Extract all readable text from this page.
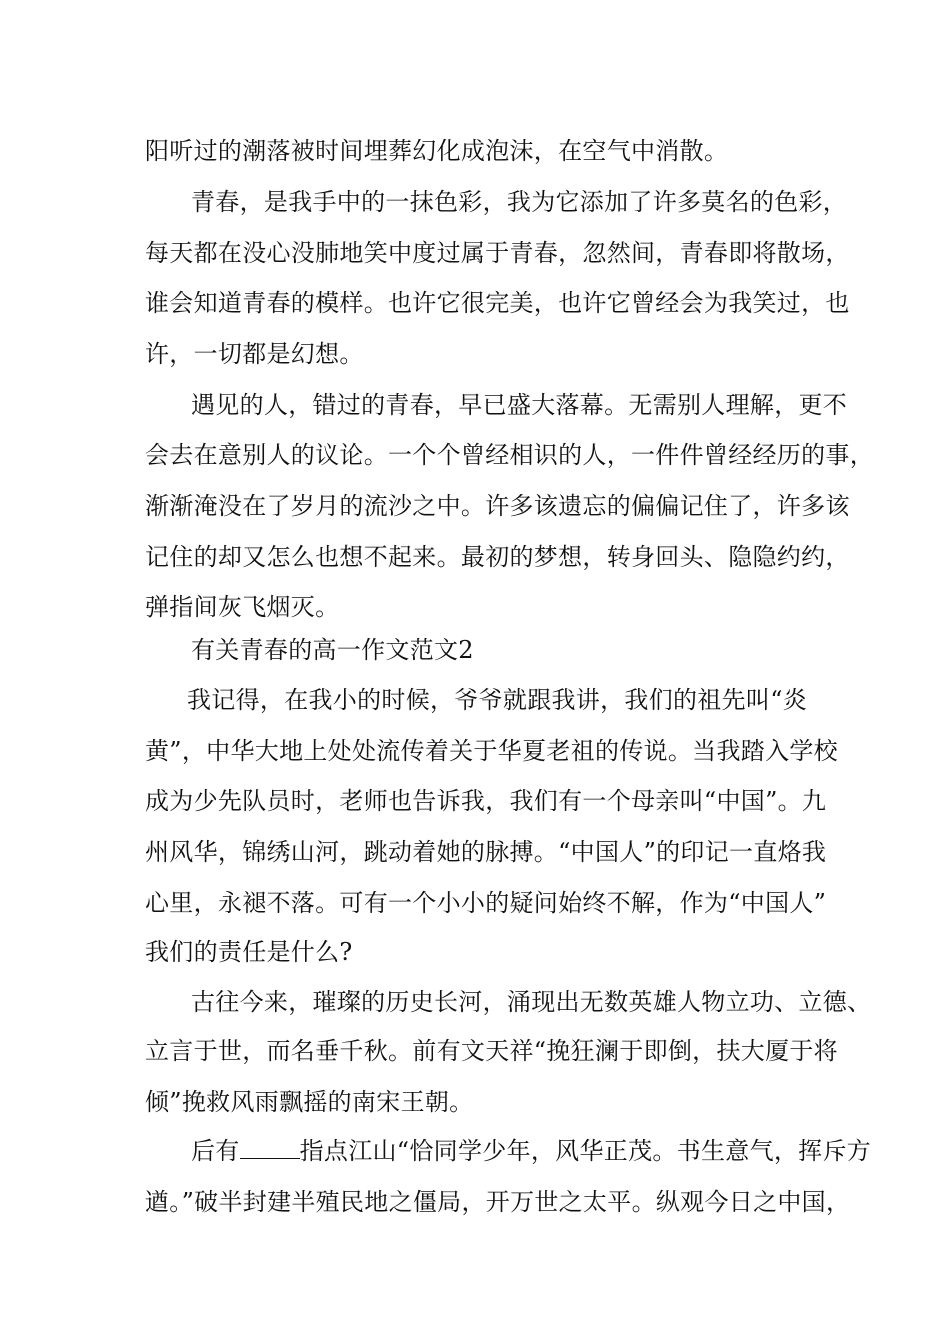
阳听过的潮落被时间埋葬幻化成泡沫，在空气中消散。
青春，是我手中的一抹色彩，我为它添加了许多莫名的色彩，
每天都在没心没肺地笑中度过属于青春，忽然间，青春即将散场，
谁会知道青春的模样。也许它很完美，也许它曾经会为我笑过，也
许，一切都是幻想。
遇见的人，错过的青春，早已盛大落幕。无需别人理解，更不
会去在意别人的议论。一个个曾经相识的人，一件件曾经经历的事，
渐渐淹没在了岁月的流沙之中。许多该遗忘的偏偏记住了，许多该
记住的却又怎么也想不起来。最初的梦想，转身回头、隐隐约约，
弹指间灰飞烟灭。
有关青春的高一作文范文2
我记得，在我小的时候，爷爷就跟我讲，我们的祖先叫“炎
黄”，中华大地上处处流传着关于华夏老祖的传说。当我踏入学校
成为少先队员时，老师也告诉我，我们有一个母亲叫“中国”。九
州风华，锦绣山河，跳动着她的脉搏。“中国人”的印记一直烙我
心里，永褪不落。可有一个小小的疑问始终不解，作为“中国人”
我们的责任是什么?
古往今来，璀璨的历史长河，涌现出无数英雄人物立功、立德、
立言于世，而名垂千秋。前有文天祥“挽狂澜于即倒，扶大厦于将
倾”挽救风雨飘摇的南宋王朝。
后有	指点江山“恰同学少年，风华正茂。书生意气，挥斥方
遒。”破半封建半殖民地之僵局，开万世之太平。纵观今日之中国，
